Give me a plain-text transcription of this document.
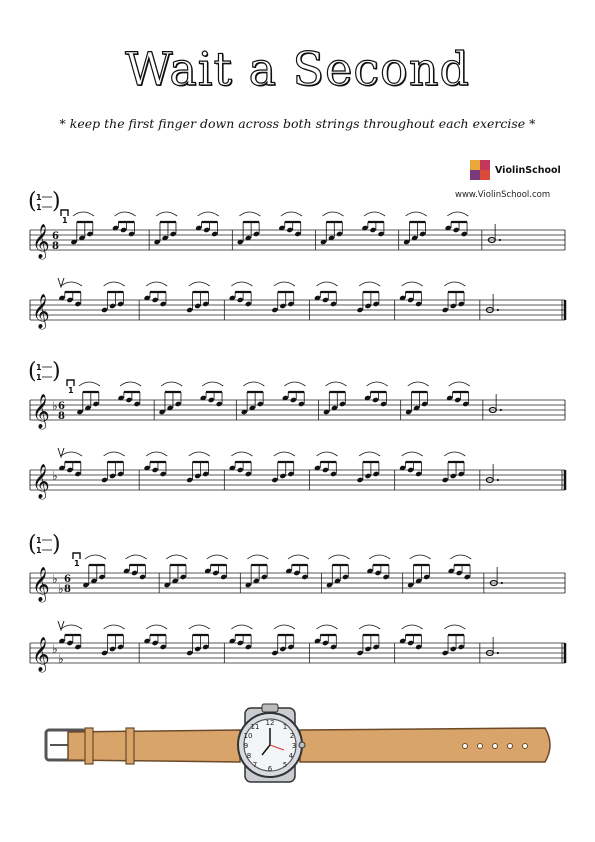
Wait a Second
* keep the first finger down across both strings throughout each exercise *
ViolinSchool
www.ViolinSchool.com
( 1
1 )
𝄞
𝄞
6
8
1
( 1
1 )
𝄞
𝄞
♭
♭
6
8
1
( 1
1 )
𝄞
𝄞
♭
♭
♭
♭
6
8
1
12 1
2
3
4
5
6
7
8
9
10
11
